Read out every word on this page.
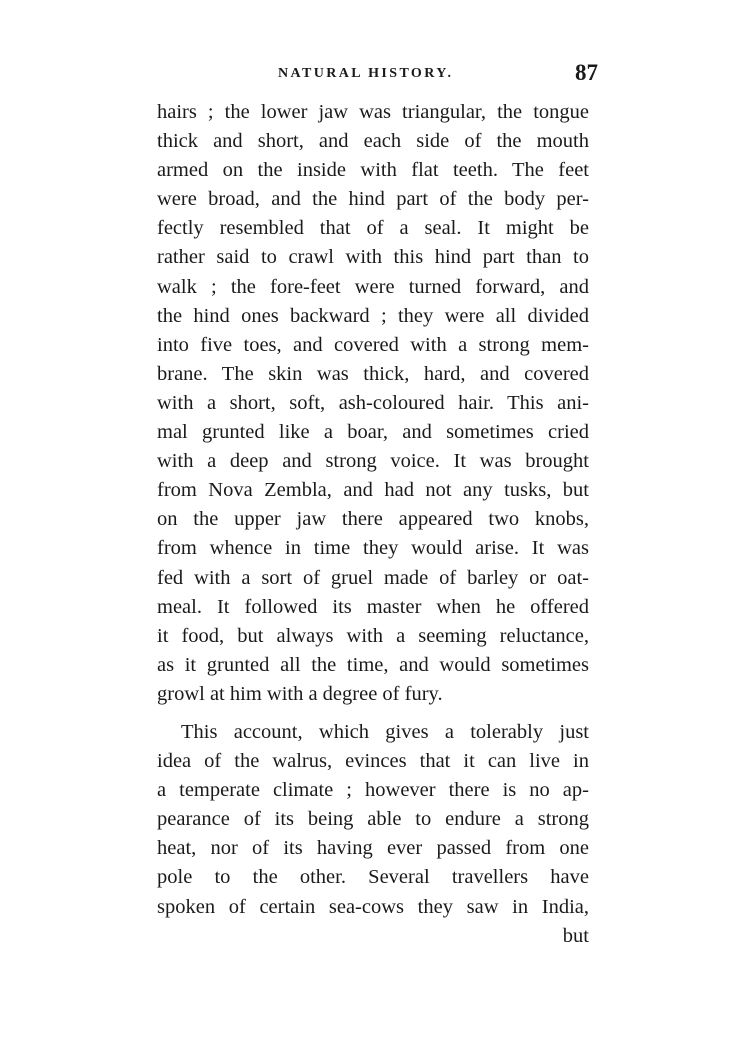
NATURAL HISTORY.	87
hairs ; the lower jaw was triangular, the tongue
thick and short, and each side of the mouth
armed on the inside with flat teeth. The feet
were broad, and the hind part of the body per-
fectly resembled that of a seal. It might be
rather said to crawl with this hind part than to
walk ; the fore-feet were turned forward, and
the hind ones backward ; they were all divided
into five toes, and covered with a strong mem-
brane. The skin was thick, hard, and covered
with a short, soft, ash-coloured hair. This ani-
mal grunted like a boar, and sometimes cried
with a deep and strong voice. It was brought
from Nova Zembla, and had not any tusks, but
on the upper jaw there appeared two knobs,
from whence in time they would arise. It was
fed with a sort of gruel made of barley or oat-
meal. It followed its master when he offered
it food, but always with a seeming reluctance,
as it grunted all the time, and would sometimes
growl at him with a degree of fury.
This account, which gives a tolerably just
idea of the walrus, evinces that it can live in
a temperate climate ; however there is no ap-
pearance of its being able to endure a strong
heat, nor of its having ever passed from one
pole to the other. Several travellers have
spoken of certain sea-cows they saw in India,
but
